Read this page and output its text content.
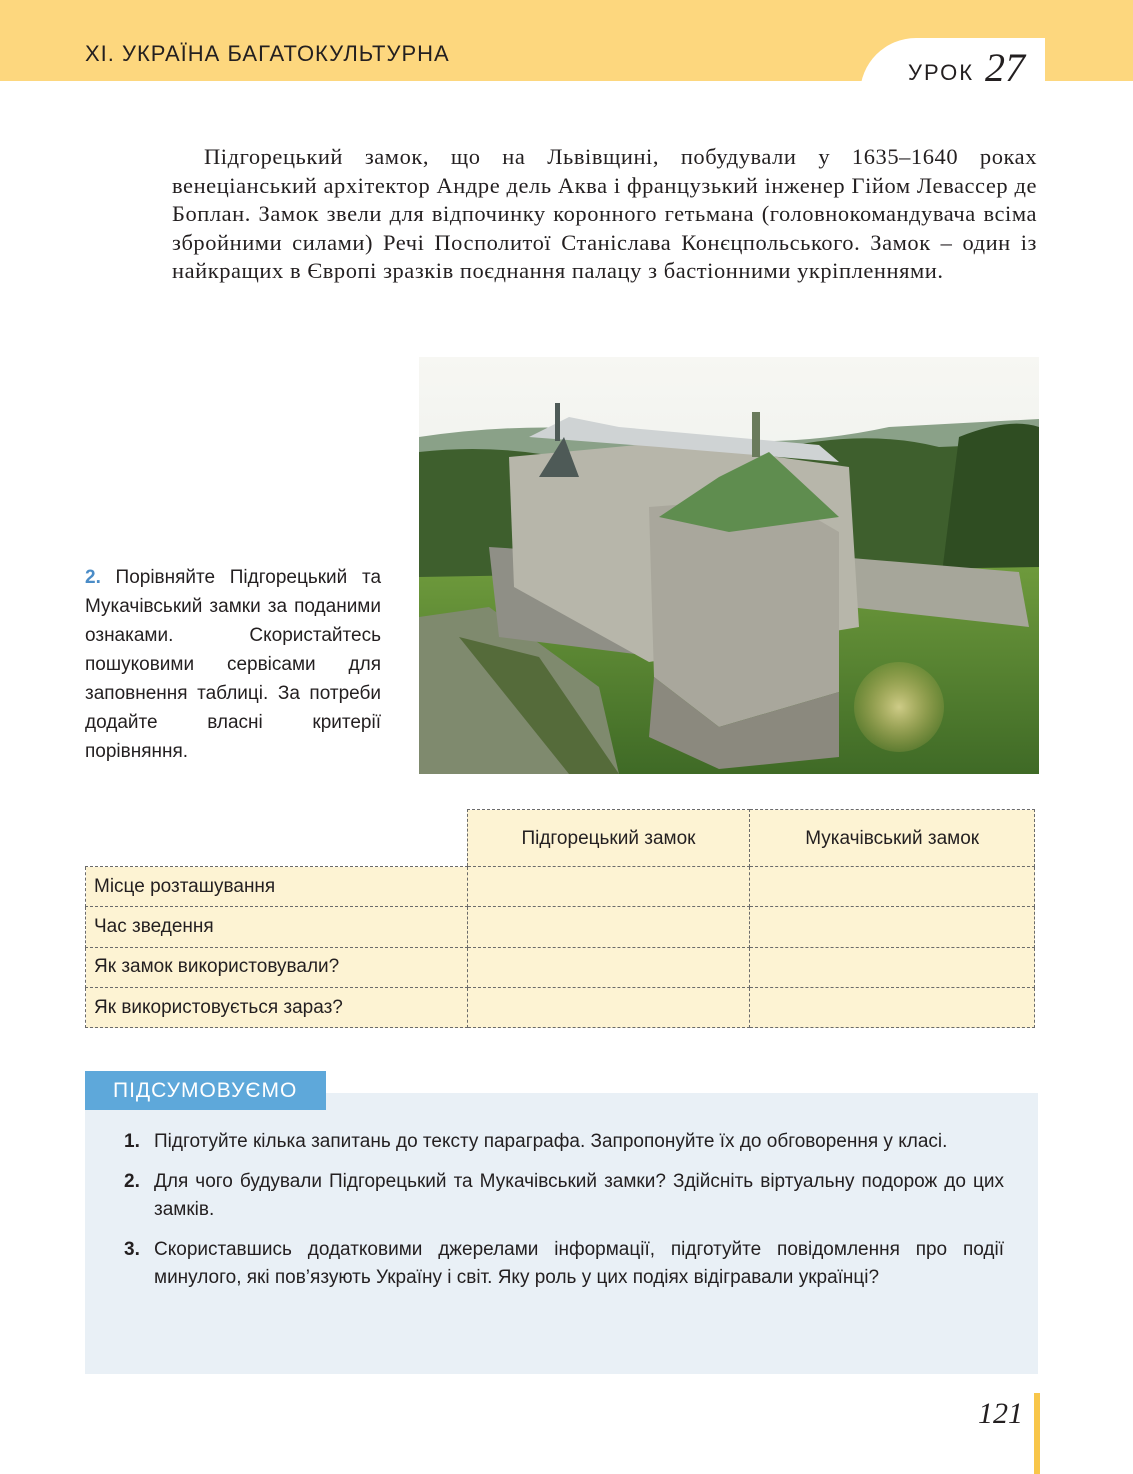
XI. УКРАЇНА БАГАТОКУЛЬТУРНА
УРОК 27

Підгорецький замок, що на Львівщині, побудували у 1635–1640 роках венеціанський архітектор Андре дель Аква і французький інженер Гійом Левассер де Боплан. Замок звели для відпочинку коронного гетьмана (головнокомандувача всіма збройними силами) Речі Посполитої Станіслава Конєцпольського. Замок – один із найкращих в Європі зразків поєднання палацу з бастіонними укріпленнями.

2. Порівняйте Підгорецький та Мукачівський замки за поданими ознаками. Скористайтесь пошуковими сервісами для заповнення таблиці. За потреби додайте власні критерії порівняння.
	Підгорецький замок	Мукачівський замок
Місце розташування		
Час зведення		
Як замок використовували?		
Як використовується зараз?		
ПІДСУМОВУЄМО
1. Підготуйте кілька запитань до тексту параграфа. Запропонуйте їх до обговорення у класі.
2. Для чого будували Підгорецький та Мукачівський замки? Здійсніть віртуальну подорож до цих замків.
3. Скориставшись додатковими джерелами інформації, підготуйте повідомлення про події минулого, які пов’язують Україну і світ. Яку роль у цих подіях відігравали українці?
121
